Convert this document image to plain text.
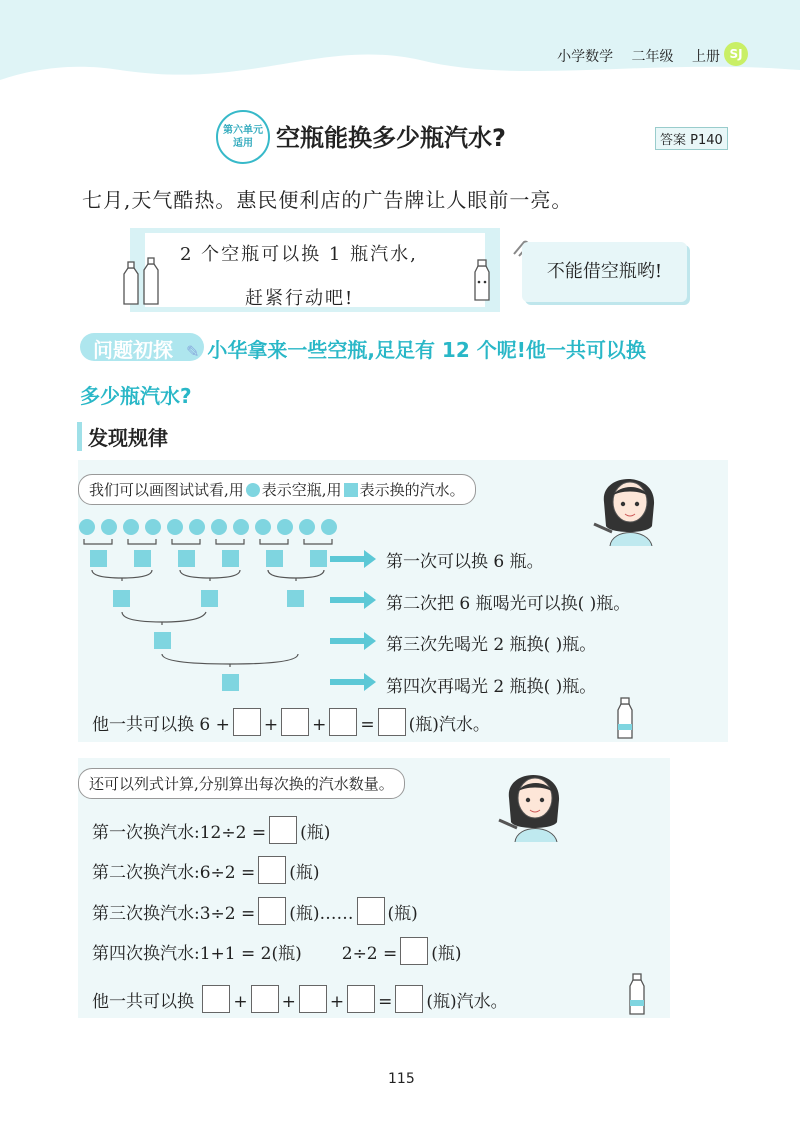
小学数学 二年级 上册 SJ
第六单元
适用 空瓶能换多少瓶汽水?	答案 P140
七月,天气酷热。惠民便利店的广告牌让人眼前一亮。
2 个空瓶可以换 1 瓶汽水,
赶紧行动吧!
不能借空瓶哟!
问题初探 ✎ 小华拿来一些空瓶,足足有 12 个呢!他一共可以换
多少瓶汽水?
发现规律
我们可以画图试试看,用 表示空瓶,用 表示换的汽水。
第一次可以换 6 瓶。
第二次把 6 瓶喝光可以换( )瓶。
第三次先喝光 2 瓶换( )瓶。
第四次再喝光 2 瓶换( )瓶。
他一共可以换 6 + + + = (瓶)汽水。
还可以列式计算,分别算出每次换的汽水数量。
第一次换汽水:12÷2 = (瓶)
第二次换汽水:6÷2 = (瓶)
第三次换汽水:3÷2 = (瓶)…… (瓶)
第四次换汽水:1+1 = 2(瓶) 2÷2 = (瓶)
他一共可以换 + + + = (瓶)汽水。
115
